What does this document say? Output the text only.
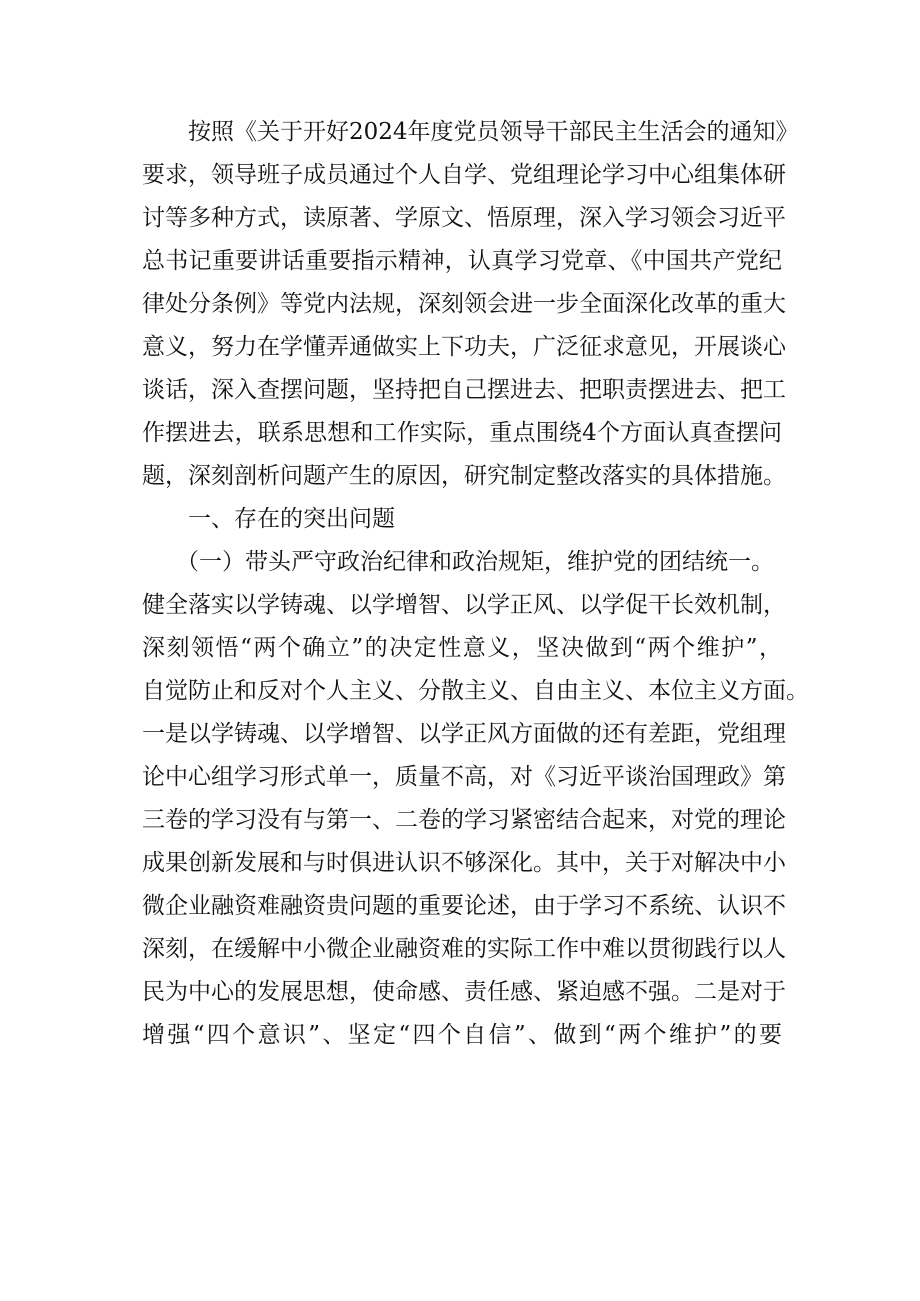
按照《关于开好2024年度党员领导干部民主生活会的通知》
要求，领导班子成员通过个人自学、党组理论学习中心组集体研
讨等多种方式，读原著、学原文、悟原理，深入学习领会习近平
总书记重要讲话重要指示精神，认真学习党章、《中国共产党纪
律处分条例》等党内法规，深刻领会进一步全面深化改革的重大
意义，努力在学懂弄通做实上下功夫，广泛征求意见，开展谈心
谈话，深入查摆问题，坚持把自己摆进去、把职责摆进去、把工
作摆进去，联系思想和工作实际，重点围绕4个方面认真查摆问
题，深刻剖析问题产生的原因，研究制定整改落实的具体措施。
一、存在的突出问题
（一）带头严守政治纪律和政治规矩，维护党的团结统一。
健全落实以学铸魂、以学增智、以学正风、以学促干长效机制，
深刻领悟“两个确立”的决定性意义，坚决做到“两个维护”，
自觉防止和反对个人主义、分散主义、自由主义、本位主义方面。
一是以学铸魂、以学增智、以学正风方面做的还有差距，党组理
论中心组学习形式单一，质量不高，对《习近平谈治国理政》第
三卷的学习没有与第一、二卷的学习紧密结合起来，对党的理论
成果创新发展和与时俱进认识不够深化。其中，关于对解决中小
微企业融资难融资贵问题的重要论述，由于学习不系统、认识不
深刻，在缓解中小微企业融资难的实际工作中难以贯彻践行以人
民为中心的发展思想，使命感、责任感、紧迫感不强。二是对于
增强“四个意识”、坚定“四个自信”、做到“两个维护”的要
